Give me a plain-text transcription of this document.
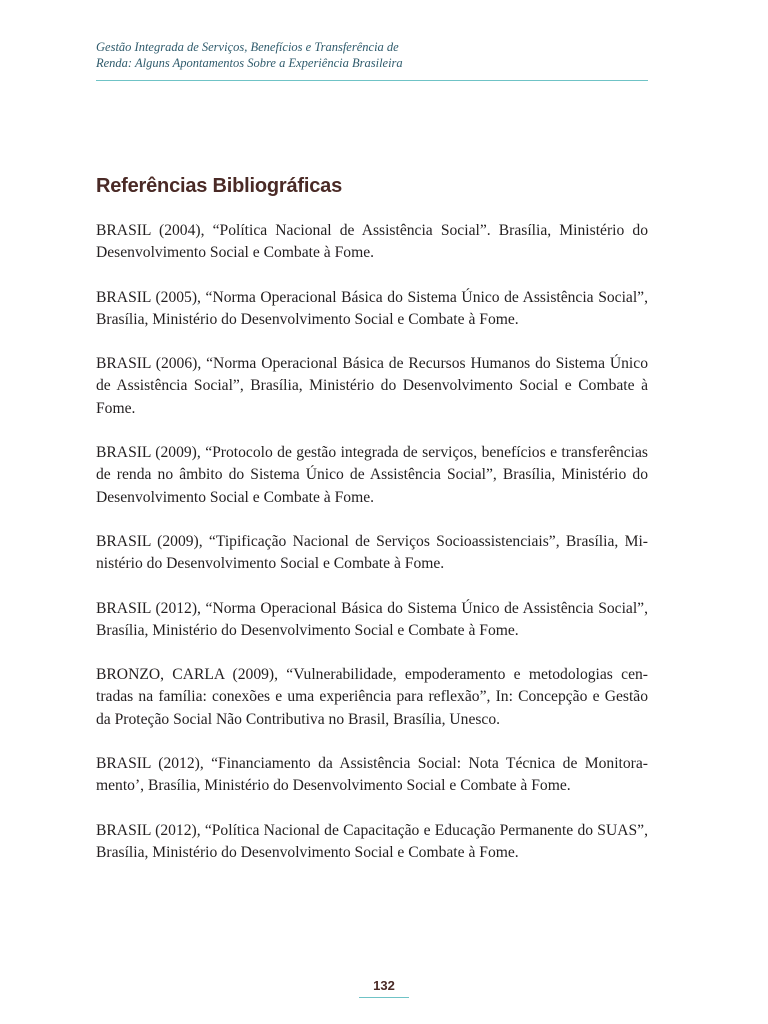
Gestão Integrada de Serviços, Benefícios e Transferência de
Renda: Alguns Apontamentos Sobre a Experiência Brasileira
Referências Bibliográficas
BRASIL (2004), “Política Nacional de Assistência Social”. Brasília, Ministério do Desenvolvimento Social e Combate à Fome.
BRASIL (2005), “Norma Operacional Básica do Sistema Único de Assistência Social”, Brasília, Ministério do Desenvolvimento Social e Combate à Fome.
BRASIL (2006), “Norma Operacional Básica de Recursos Humanos do Sistema Único de Assistência Social”, Brasília, Ministério do Desenvolvimento Social e Combate à Fome.
BRASIL (2009), “Protocolo de gestão integrada de serviços, benefícios e transferências de renda no âmbito do Sistema Único de Assistência Social”, Brasília, Ministério do Desenvolvimento Social e Combate à Fome.
BRASIL (2009), “Tipificação Nacional de Serviços Socioassistenciais”, Brasília, Ministério do Desenvolvimento Social e Combate à Fome.
BRASIL (2012), “Norma Operacional Básica do Sistema Único de Assistência Social”, Brasília, Ministério do Desenvolvimento Social e Combate à Fome.
BRONZO, CARLA (2009), “Vulnerabilidade, empoderamento e metodologias centradas na família: conexões e uma experiência para reflexão”, In: Concepção e Gestão da Proteção Social Não Contributiva no Brasil, Brasília, Unesco.
BRASIL (2012), “Financiamento da Assistência Social: Nota Técnica de Monitoramento’, Brasília, Ministério do Desenvolvimento Social e Combate à Fome.
BRASIL (2012), “Política Nacional de Capacitação e Educação Permanente do SUAS”, Brasília, Ministério do Desenvolvimento Social e Combate à Fome.
132
